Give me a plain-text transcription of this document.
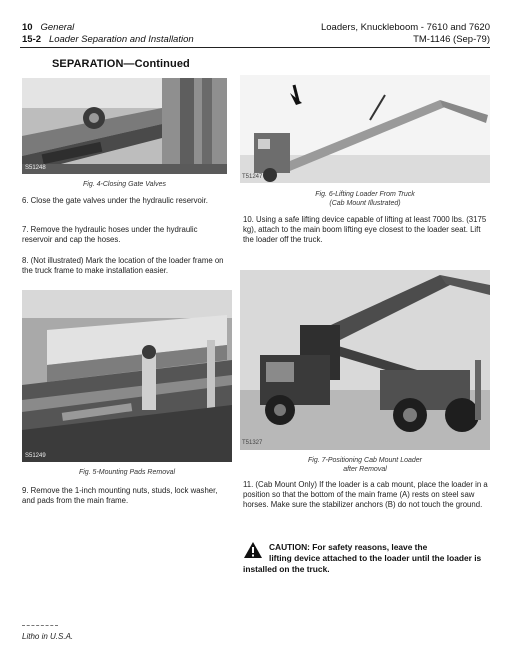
10 General
15-2 Loader Separation and Installation
Loaders, Knuckleboom - 7610 and 7620
TM-1146 (Sep-79)
SEPARATION—Continued
S51248
Fig. 4-Closing Gate Valves
6. Close the gate valves under the hydraulic reservoir.
7. Remove the hydraulic hoses under the hydraulic reservoir and cap the hoses.
8. (Not illustrated) Mark the location of the loader frame on the truck frame to make installation easier.
S51249
Fig. 5-Mounting Pads Removal
9. Remove the 1-inch mounting nuts, studs, lock washer, and pads from the main frame.
T51247
Fig. 6-Lifting Loader From Truck
(Cab Mount Illustrated)
10. Using a safe lifting device capable of lifting at least 7000 lbs. (3175 kg), attach to the main boom lifting eye closest to the loader seat. Lift the loader off the truck.
T51327
Fig. 7-Positioning Cab Mount Loader
after Removal
11. (Cab Mount Only) If the loader is a cab mount, place the loader in a position so that the bottom of the main frame (A) rests on steel saw horses. Make sure the stabilizer anchors (B) do not touch the ground.
CAUTION: For safety reasons, leave the
lifting device attached to the loader until the loader is installed on the truck.
Litho in U.S.A.
